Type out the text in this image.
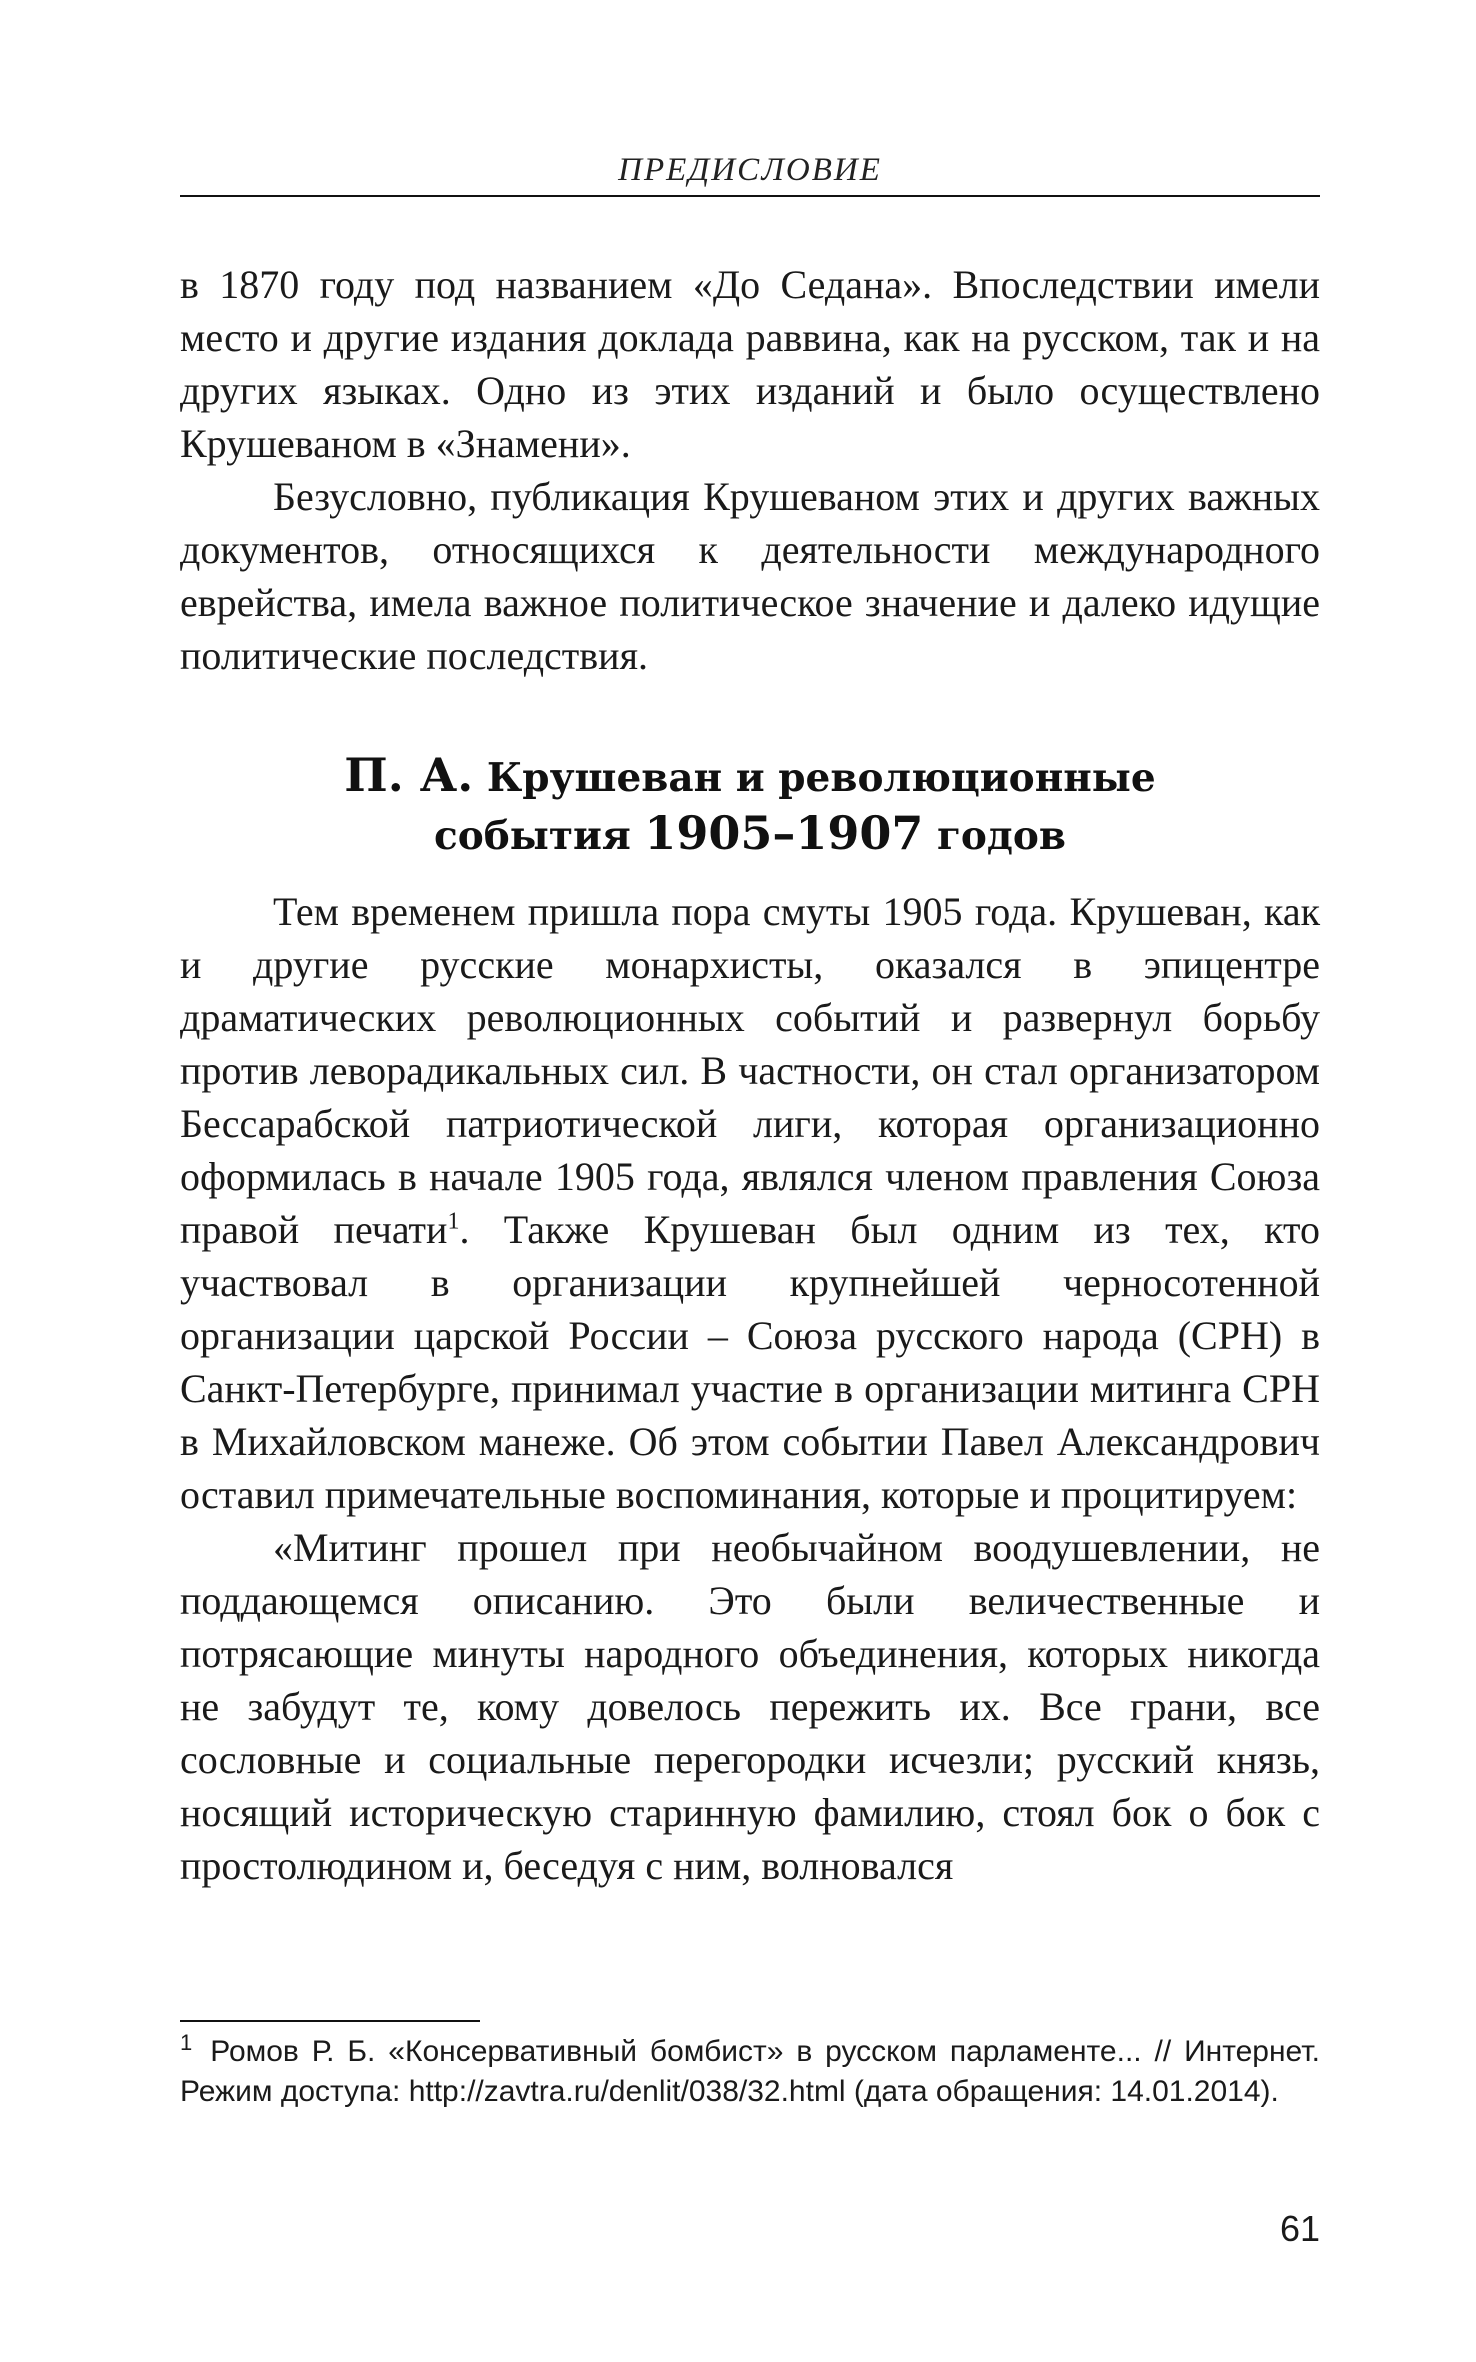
ПРЕДИСЛОВИЕ

в 1870 году под названием «До Седана». Впоследствии имели место и другие издания доклада раввина, как на русском, так и на других языках. Одно из этих изданий и было осуществлено Крушеваном в «Знамени».

Безусловно, публикация Крушеваном этих и других важных документов, относящихся к деятельности международного еврейства, имела важное политическое значение и далеко идущие политические последствия.

П. А. Крушеван и революционные
события 1905–1907 годов

Тем временем пришла пора смуты 1905 года. Крушеван, как и другие русские монархисты, оказался в эпицентре драматических революционных событий и развернул борьбу против леворадикальных сил. В частности, он стал организатором Бессарабской патриотической лиги, которая организационно оформилась в начале 1905 года, являлся членом правления Союза правой печати$^1$. Также Крушеван был одним из тех, кто участвовал в организации крупнейшей черносотенной организации царской России – Союза русского народа (СРН) в Санкт-Петербурге, принимал участие в организации митинга СРН в Михайловском манеже. Об этом событии Павел Александрович оставил примечательные воспоминания, которые и процитируем:

«Митинг прошел при необычайном воодушевлении, не поддающемся описанию. Это были величественные и потрясающие минуты народного объединения, которых никогда не забудут те, кому довелось пережить их. Все грани, все сословные и социальные перегородки исчезли; русский князь, носящий историческую старинную фамилию, стоял бок о бок с простолюдином и, беседуя с ним, волновался

$^1$ Ромов Р. Б. «Консервативный бомбист» в русском парламенте... // Интернет. Режим доступа: http://zavtra.ru/denlit/038/32.html (дата обращения: 14.01.2014).
61
